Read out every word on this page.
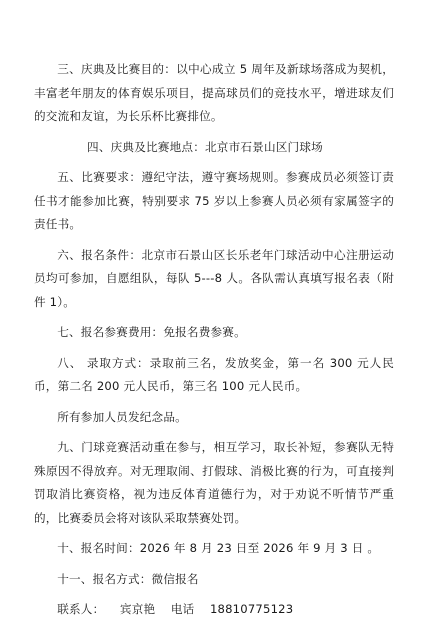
三、庆典及比赛目的：以中心成立 5 周年及新球场落成为契机，丰富老年朋友的体育娱乐项目，提高球员们的竞技水平，增进球友们的交流和友谊，为长乐杯比赛排位。

四、庆典及比赛地点：北京市石景山区门球场

五、比赛要求：遵纪守法，遵守赛场规则。参赛成员必须签订责任书才能参加比赛，特别要求 75 岁以上参赛人员必须有家属签字的责任书。

六、报名条件：北京市石景山区长乐老年门球活动中心注册运动员均可参加，自愿组队，每队 5---8 人。各队需认真填写报名表（附件 1）。

七、报名参赛费用：免报名费参赛。

八、 录取方式：录取前三名，发放奖金，第一名 300 元人民币，第二名 200 元人民币，第三名 100 元人民币。

所有参加人员发纪念品。

九、门球竞赛活动重在参与，相互学习，取长补短，参赛队无特殊原因不得放弃。对无理取闹、打假球、消极比赛的行为，可直接判罚取消比赛资格，视为违反体育道德行为，对于劝说不听情节严重的，比赛委员会将对该队采取禁赛处罚。

十、报名时间：2026 年 8 月 23 日至 2026 年 9 月 3 日 。

十一、报名方式：微信报名

联系人：    宾京艳    电话    18810775123
